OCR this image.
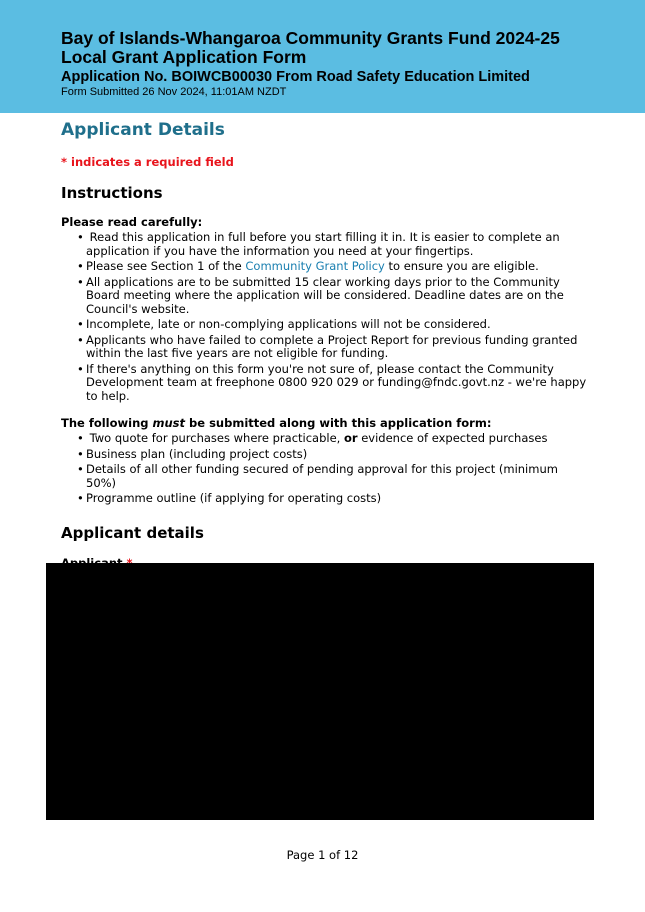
Bay of Islands-Whangaroa Community Grants Fund 2024-25
Local Grant Application Form
Application No. BOIWCB00030 From Road Safety Education Limited
Form Submitted 26 Nov 2024, 11:01AM NZDT
Applicant Details
* indicates a required field
Instructions
Please read carefully:
• Read this application in full before you start filling it in. It is easier to complete an application if you have the information you need at your fingertips.
• Please see Section 1 of the Community Grant Policy to ensure you are eligible.
• All applications are to be submitted 15 clear working days prior to the Community Board meeting where the application will be considered. Deadline dates are on the Council's website.
• Incomplete, late or non-complying applications will not be considered.
• Applicants who have failed to complete a Project Report for previous funding granted within the last five years are not eligible for funding.
• If there's anything on this form you're not sure of, please contact the Community Development team at freephone 0800 920 029 or funding@fndc.govt.nz - we're happy to help.
The following must be submitted along with this application form:
• Two quote for purchases where practicable, or evidence of expected purchases
• Business plan (including project costs)
• Details of all other funding secured of pending approval for this project (minimum 50%)
• Programme outline (if applying for operating costs)
Applicant details
Page 1 of 12
